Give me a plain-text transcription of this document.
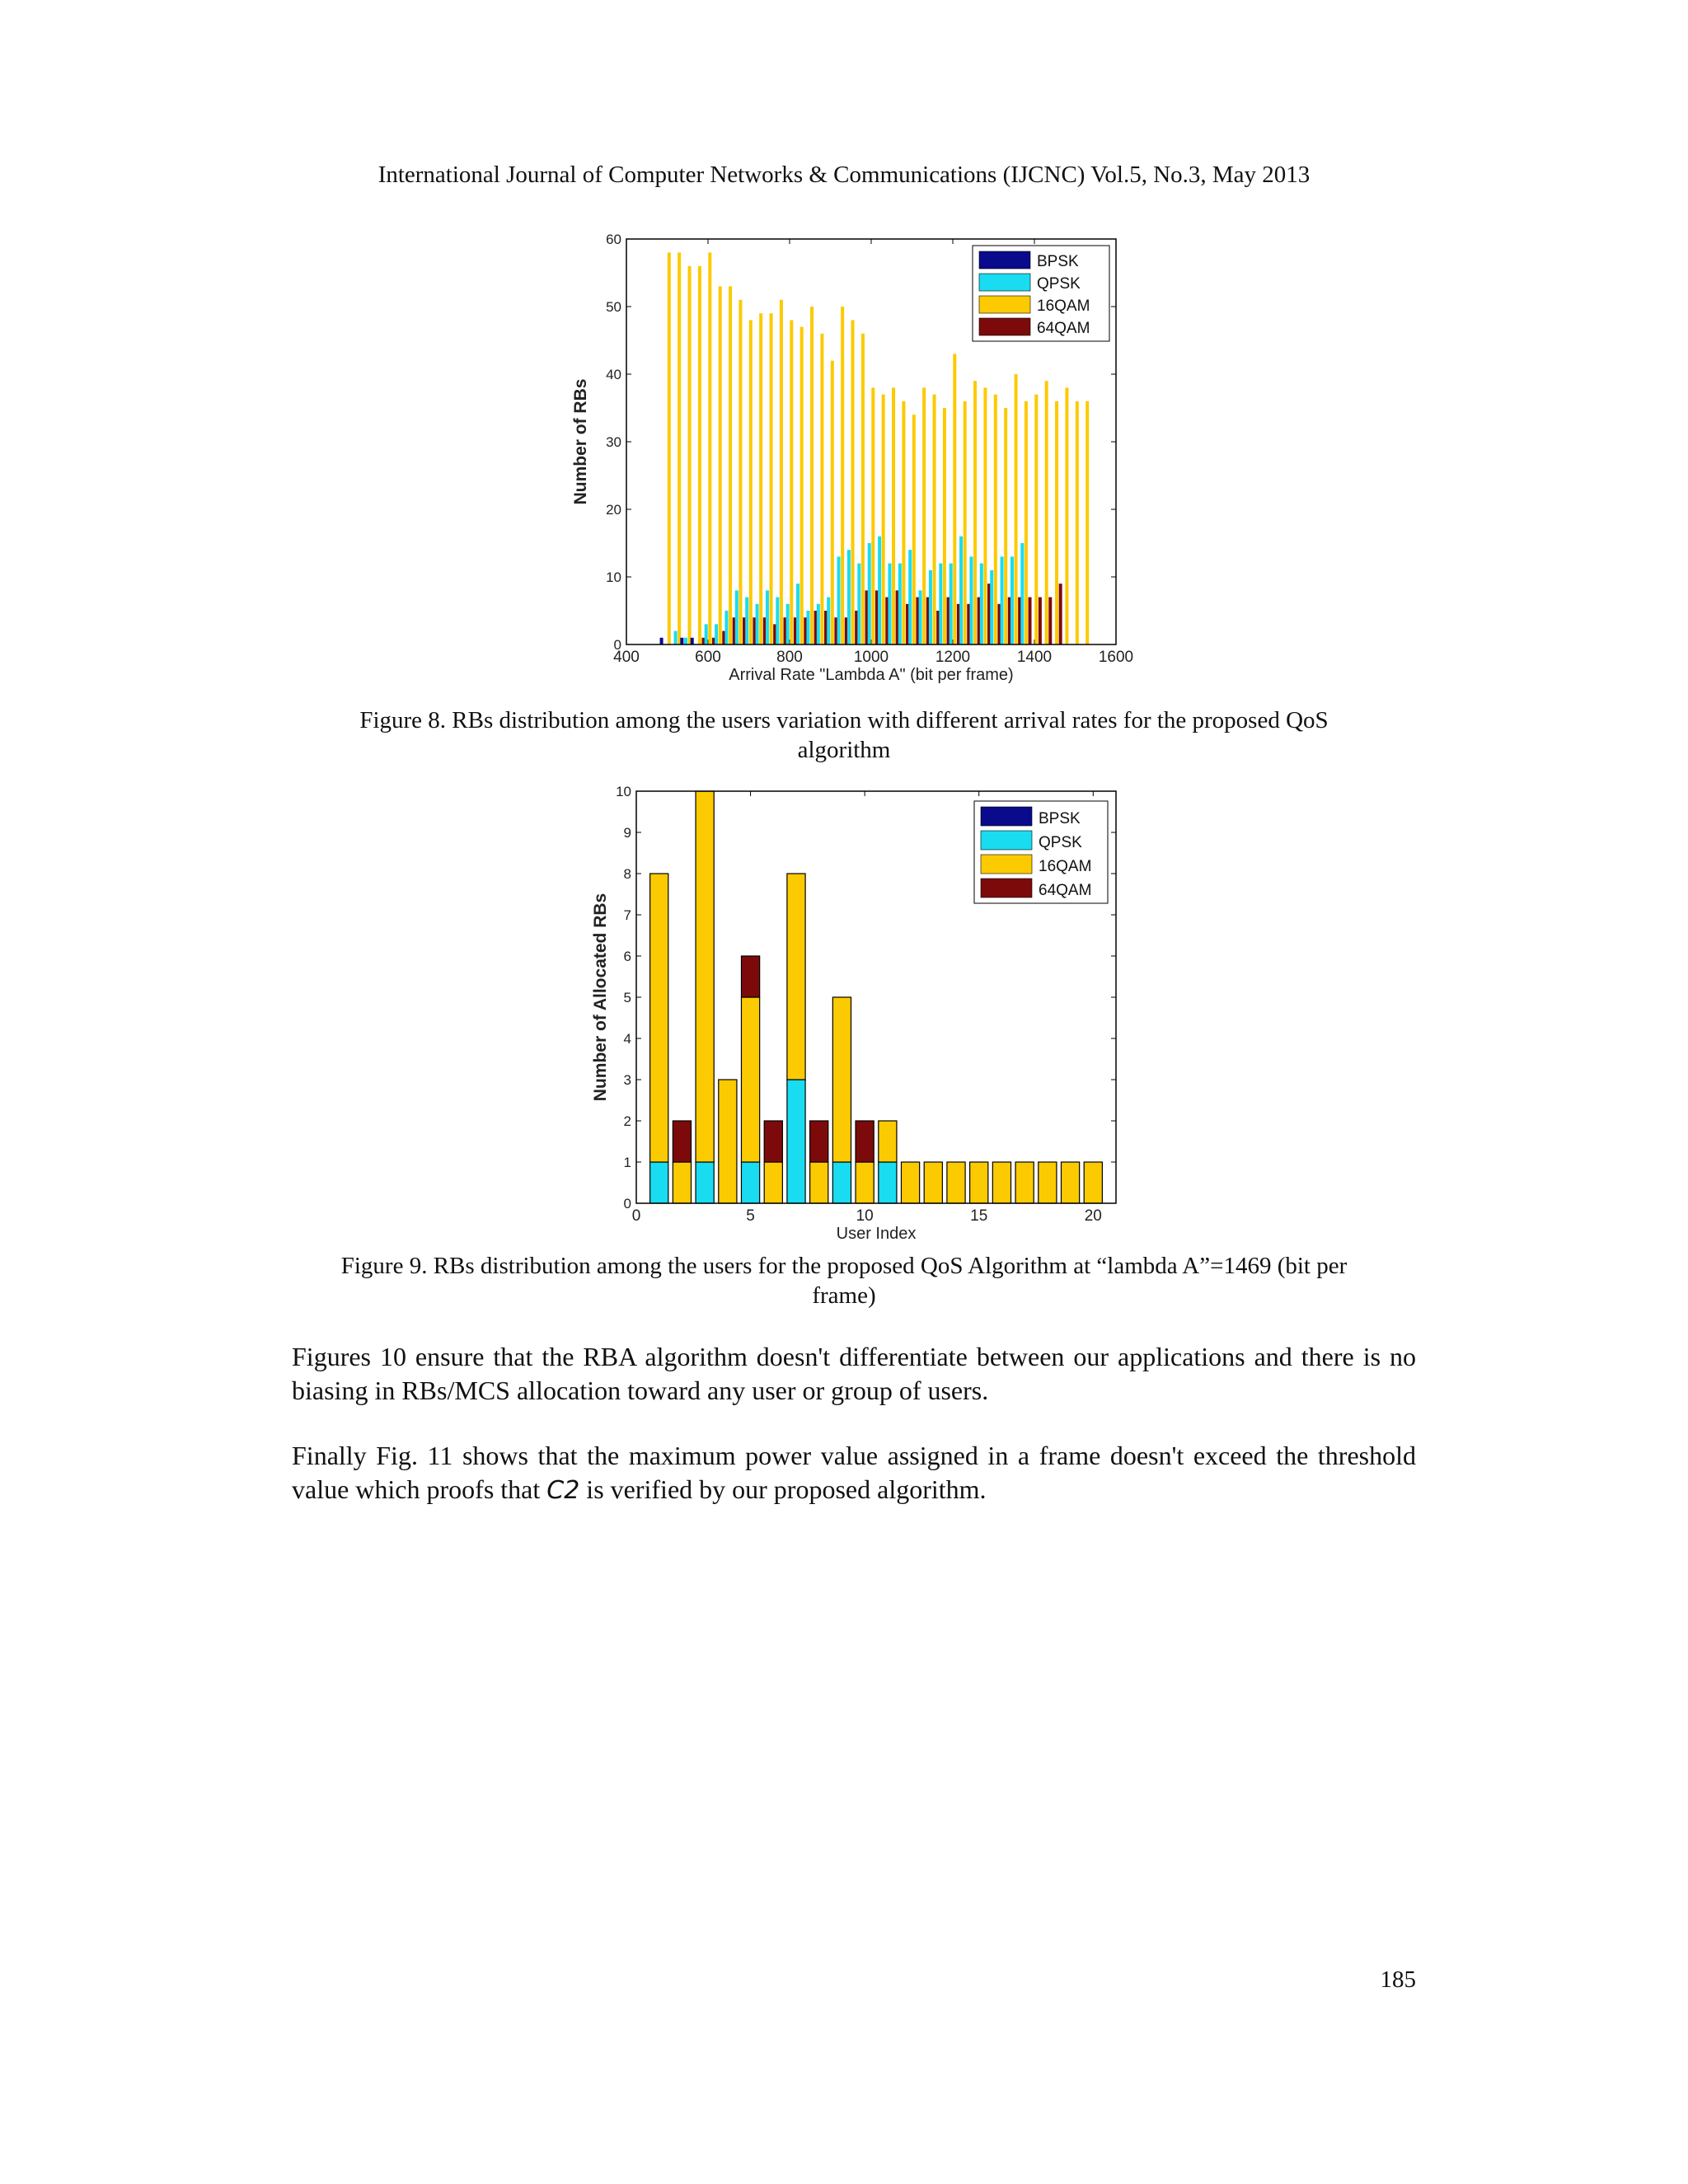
International Journal of Computer Networks & Communications (IJCNC) Vol.5, No.3, May 2013
0
10
20
30
40
50
60
400	600	800	1000	1200	1400	1600
BPSK
QPSK
16QAM
64QAM
Arrival Rate "Lambda A" (bit per frame)
Number of RBs
Figure 8. RBs distribution among the users variation with different arrival rates for the proposed QoS algorithm
0
1
2
3
4
5
6
7
8
9
10
0	5	10	15	20
BPSK
QPSK
16QAM
64QAM
User Index
Number of Allocated RBs
Figure 9. RBs distribution among the users for the proposed QoS Algorithm at “lambda A”=1469 (bit per frame)

Figures 10 ensure that the RBA algorithm doesn't differentiate between our applications and there is no biasing in RBs/MCS allocation toward any user or group of users.

Finally Fig. 11 shows that the maximum power value assigned in a frame doesn't exceed the threshold value which proofs that C2 is verified by our proposed algorithm.

185
